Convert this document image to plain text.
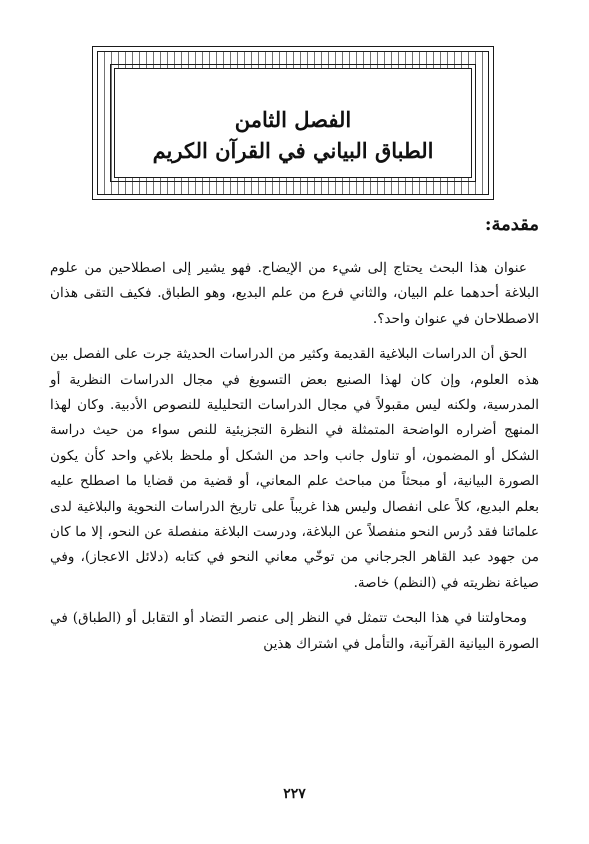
الفصل الثامن
الطباق البياني في القرآن الكريم
مقدمة:

عنوان هذا البحث يحتاج إلى شيء من الإيضاح. فهو يشير إلى اصطلاحين من علوم البلاغة أحدهما علم البيان، والثاني فرع من علم البديع، وهو الطباق. فكيف التقى هذان الاصطلاحان في عنوان واحد؟.

الحق أن الدراسات البلاغية القديمة وكثير من الدراسات الحديثة جرت على الفصل بين هذه العلوم، وإن كان لهذا الصنيع بعض التسويغ في مجال الدراسات النظرية أو المدرسية، ولكنه ليس مقبولاً في مجال الدراسات التحليلية للنصوص الأدبية. وكان لهذا المنهج أضراره الواضحة المتمثلة في النظرة التجزيئية للنص سواء من حيث دراسة الشكل أو المضمون، أو تناول جانب واحد من الشكل أو ملحظ بلاغي واحد كأن يكون الصورة البيانية، أو مبحثاً من مباحث علم المعاني، أو قضية من قضايا ما اصطلح عليه بعلم البديع، كلاً على انفصال وليس هذا غريباً على تاريخ الدراسات النحوية والبلاغية لدى علمائنا فقد دُرس النحو منفصلاً عن البلاغة، ودرست البلاغة منفصلة عن النحو، إلا ما كان من جهود عبد القاهر الجرجاني من توخّي معاني النحو في كتابه (دلائل الاعجاز)، وفي صياغة نظريته في (النظم) خاصة.

ومحاولتنا في هذا البحث تتمثل في النظر إلى عنصر التضاد أو التقابل أو (الطباق) في الصورة البيانية القرآنية، والتأمل في اشتراك هذين

٢٢٧
